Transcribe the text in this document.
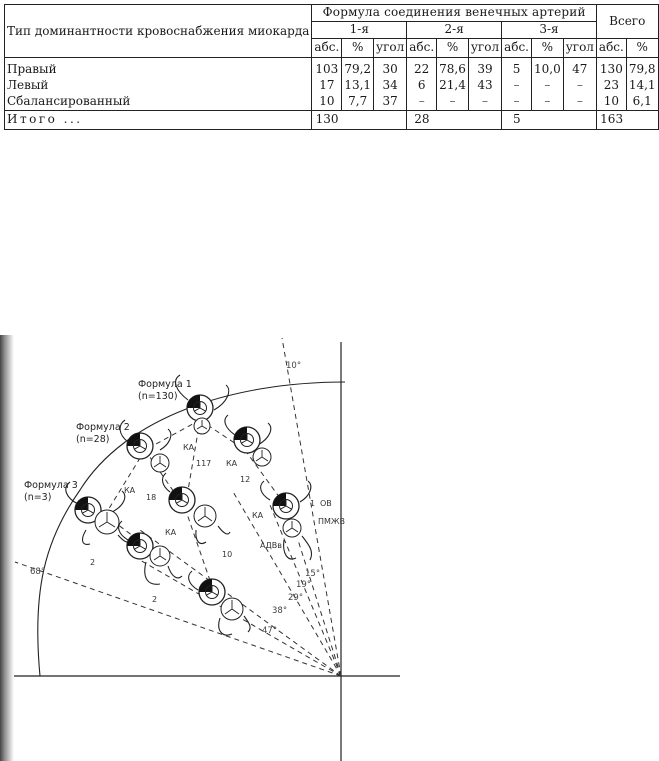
Тип доминантности кровоснабжения миокарда	Формула соединения венечных артерий									Всего	
	1-я			2-я			3-я				
	абс.	%	угол	абс.	%	угол	абс.	%	угол	абс.	%
Правый	103	79,2	30	22	78,6	39	5	10,0	47	130	79,8
Левый	17	13,1	34	6	21,4	43	–	–	–	23	14,1
Сбалансированный	10	7,7	37	–	–	–	–	–	–	10	6,1
Итого ...	130			28			5			163	
Формула 1
(n=130)
Формула 2
(n=28)
Формула 3
(n=3)
КА
КА
КА
КА
КА
117
12
18
10
2
2
1 ОВ
ПМЖВ
АДВв
10°
15°
19°
29°
38°
47°
68°
